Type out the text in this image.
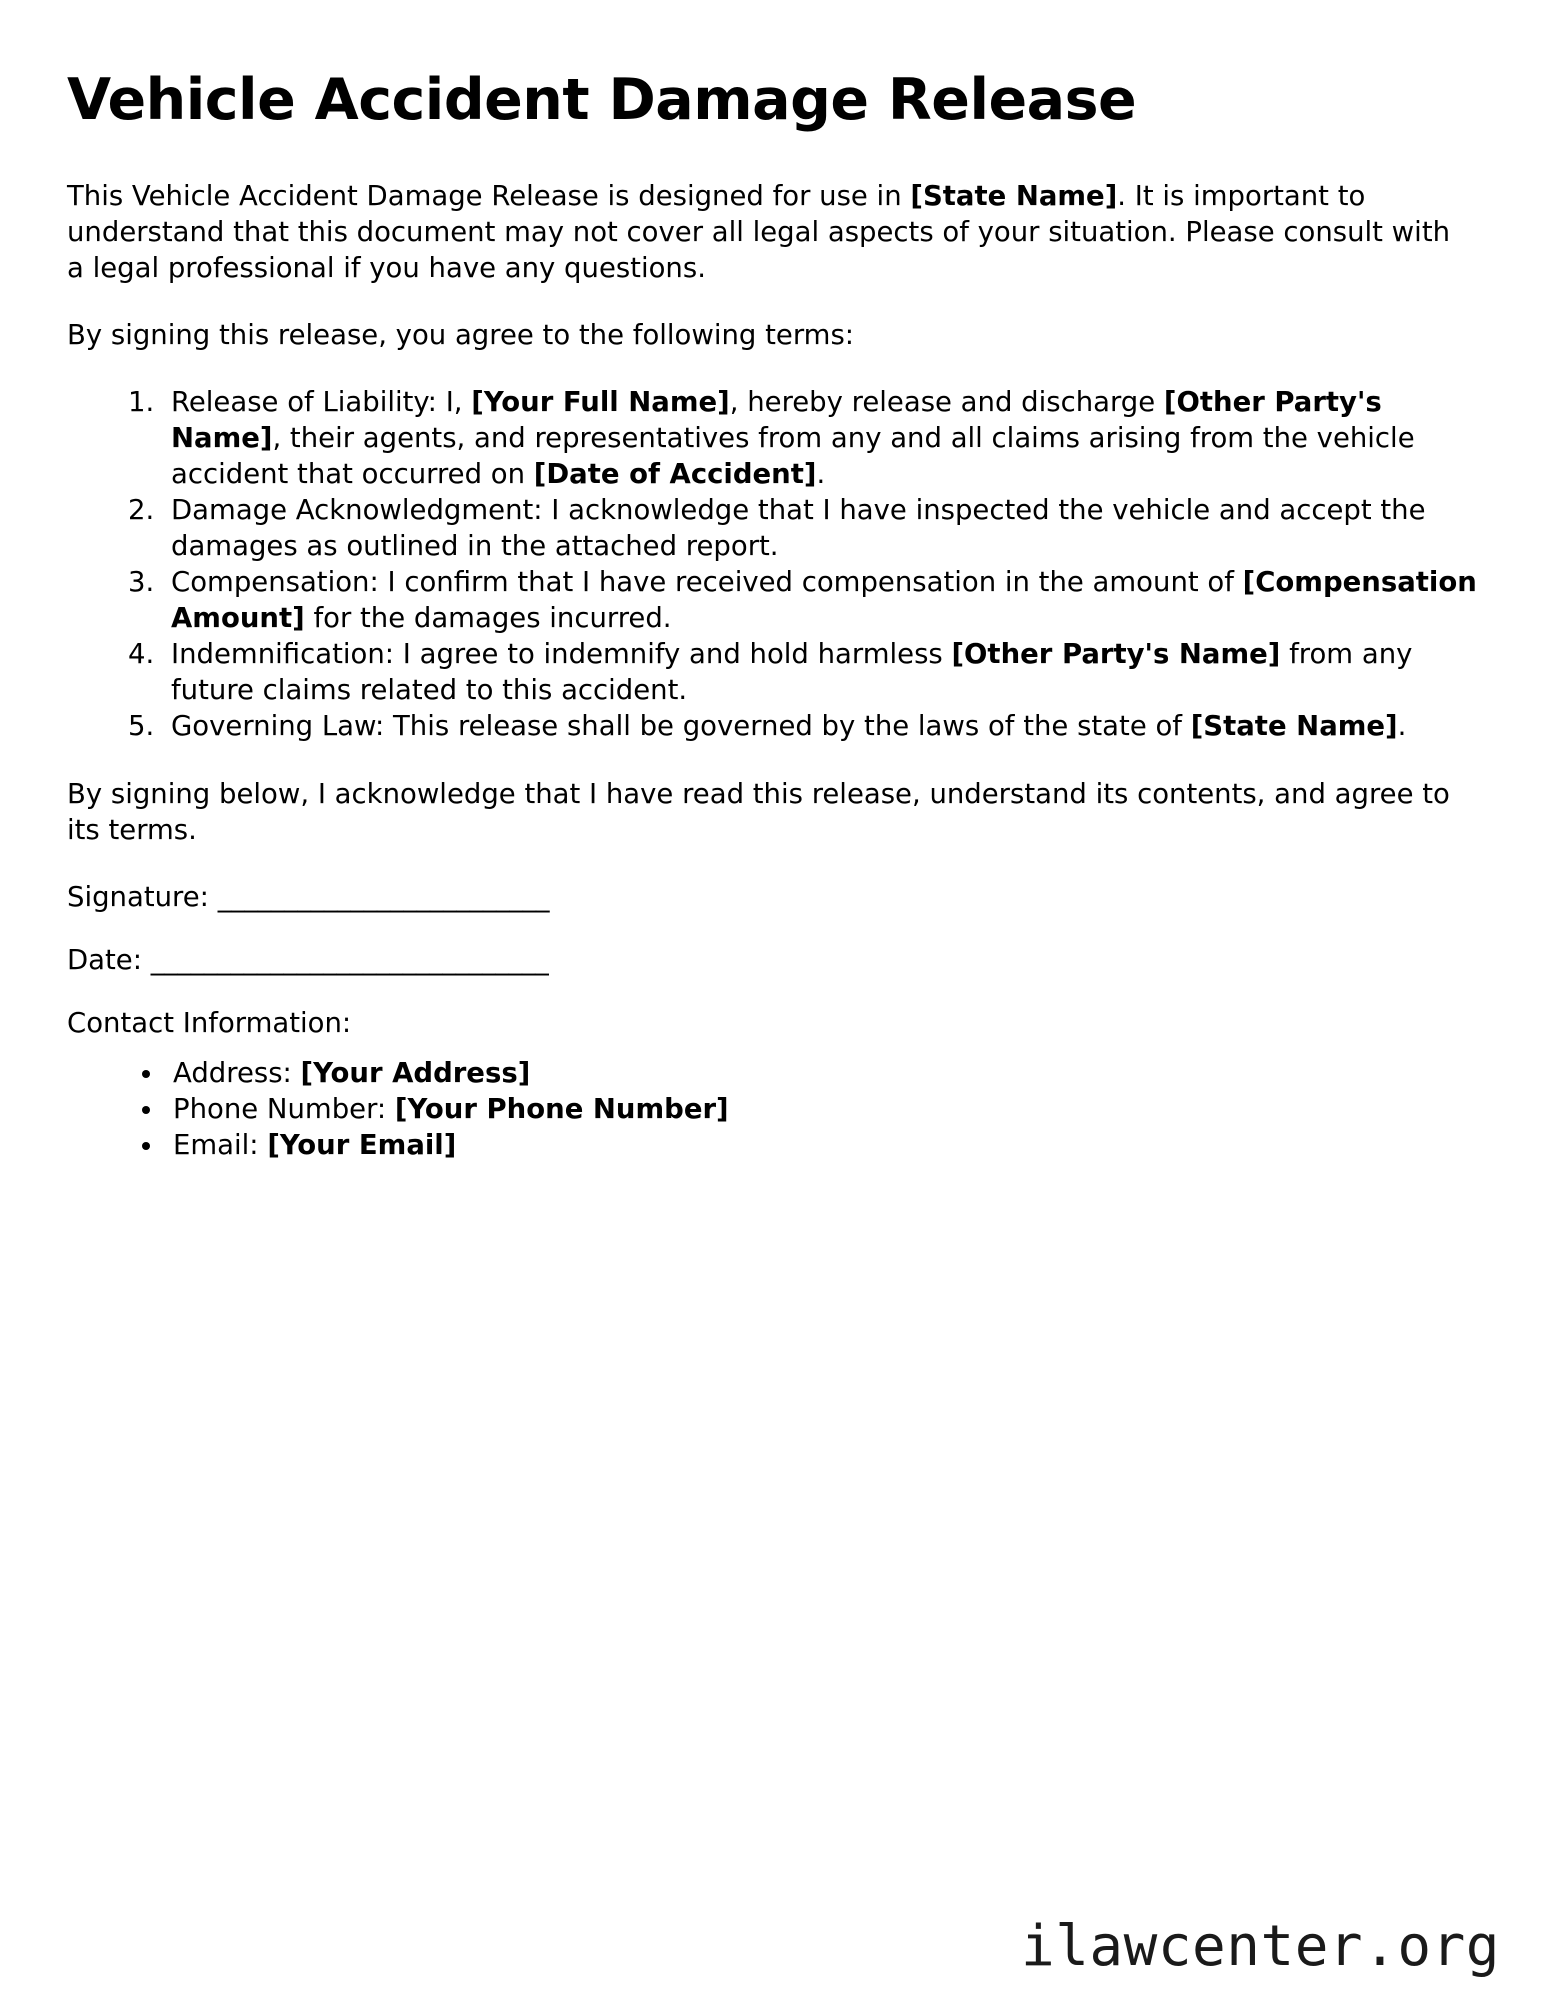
Vehicle Accident Damage Release

This Vehicle Accident Damage Release is designed for use in [State Name]. It is important to understand that this document may not cover all legal aspects of your situation. Please consult with a legal professional if you have any questions.

By signing this release, you agree to the following terms:

1. Release of Liability: I, [Your Full Name], hereby release and discharge [Other Party's Name], their agents, and representatives from any and all claims arising from the vehicle accident that occurred on [Date of Accident].
2. Damage Acknowledgment: I acknowledge that I have inspected the vehicle and accept the damages as outlined in the attached report.
3. Compensation: I confirm that I have received compensation in the amount of [Compensation Amount] for the damages incurred.
4. Indemnification: I agree to indemnify and hold harmless [Other Party's Name] from any future claims related to this accident.
5. Governing Law: This release shall be governed by the laws of the state of [State Name].

By signing below, I acknowledge that I have read this release, understand its contents, and agree to its terms.

Signature: _________________________
Date: ______________________________

Contact Information:

• Address: [Your Address]
• Phone Number: [Your Phone Number]
• Email: [Your Email]
ilawcenter.org
